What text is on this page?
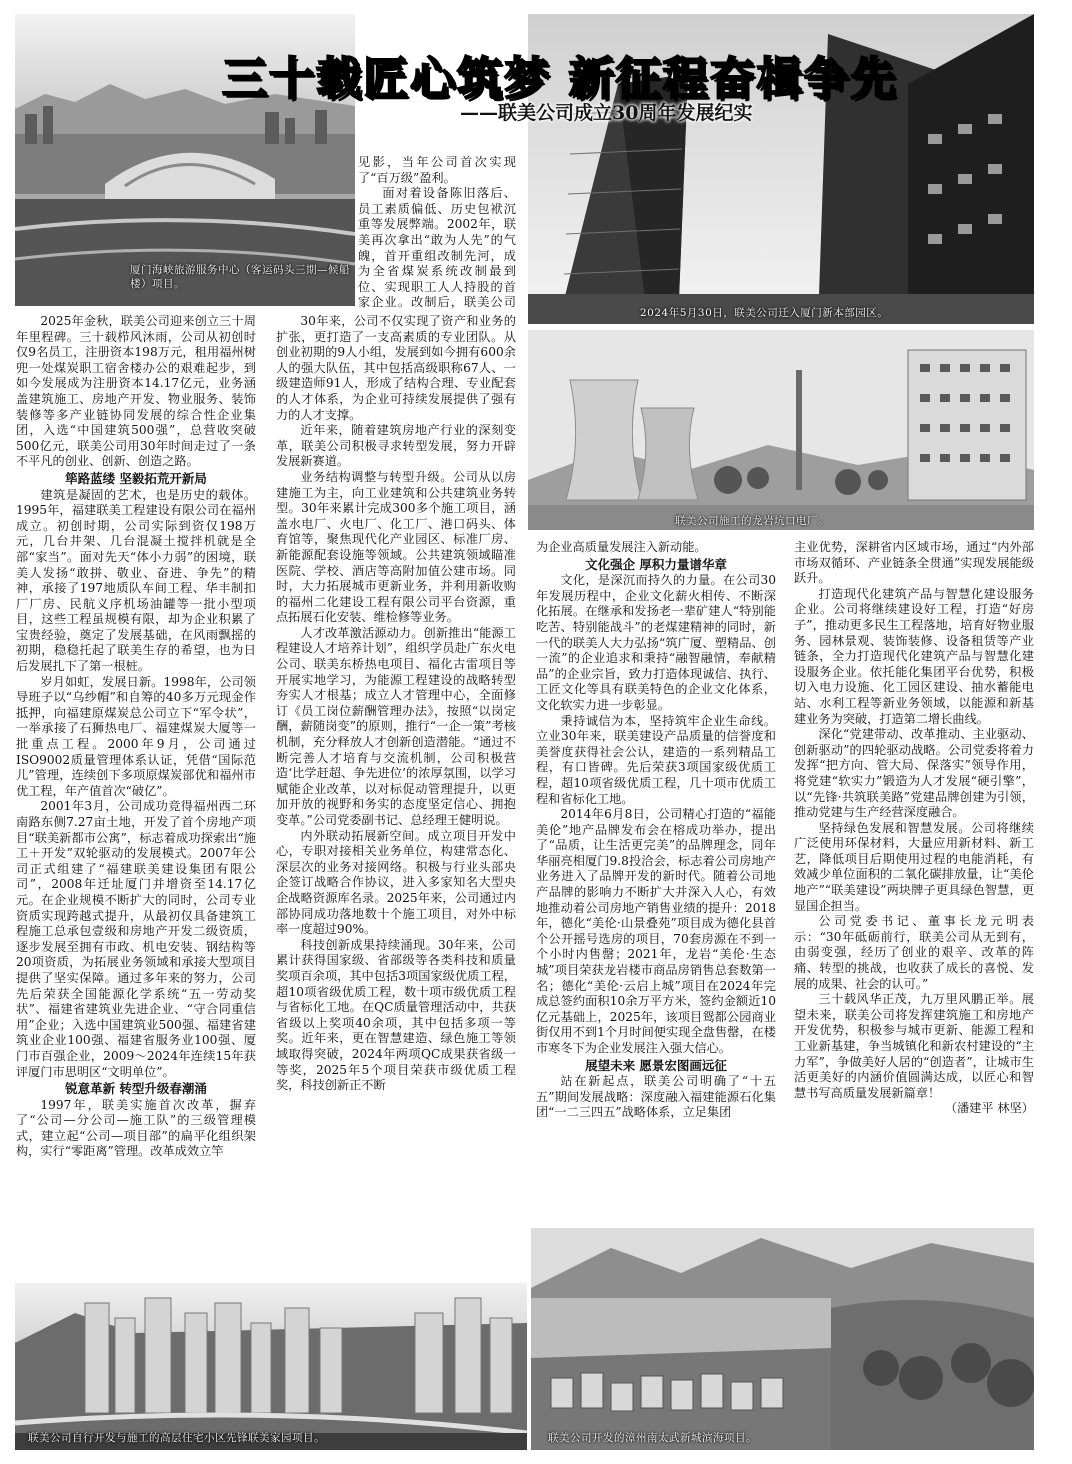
厦门海峡旅游服务中心（客运码头三期—候船楼）项目。
2024年5月30日，联美公司迁入厦门新本部园区。
联美公司施工的龙岩坑口电厂。
联美公司自行开发与施工的高层住宅小区先锋联美家园项目。	联美公司开发的漳州南太武新城滨海项目。
三十载匠心筑梦 新征程奋楫争先
——联美公司成立30周年发展纪实

2025年金秋，联美公司迎来创立三十周年里程碑。三十载栉风沐雨，公司从初创时仅9名员工，注册资本198万元，租用福州树兜一处煤炭职工宿舍楼办公的艰难起步，到如今发展成为注册资本14.17亿元，业务涵盖建筑施工、房地产开发、物业服务、装饰装修等多产业链协同发展的综合性企业集团，入选“中国建筑500强”，总营收突破500亿元，联美公司用30年时间走过了一条不平凡的创业、创新、创造之路。

筚路蓝缕 坚毅拓荒开新局

建筑是凝固的艺术，也是历史的载体。1995年，福建联美工程建设有限公司在福州成立。初创时期，公司实际到资仅198万元，几台井架、几台混凝土搅拌机就是全部“家当”。面对先天“体小力弱”的困境，联美人发扬“敢拼、敬业、奋进、争先”的精神，承接了197地质队车间工程、华丰制扣厂厂房、民航义序机场油罐等一批小型项目，这些工程虽规模有限，却为企业积累了宝贵经验，奠定了发展基础，在风雨飘摇的初期，稳稳托起了联美生存的希望，也为日后发展扎下了第一根桩。

岁月如虹，发展日新。1998年，公司领导班子以“乌纱帽”和自筹的40多万元现金作抵押，向福建原煤炭总公司立下“军令状”，一举承接了石狮热电厂、福建煤炭大厦等一批重点工程。2000年9月，公司通过ISO9002质量管理体系认证，凭借“国际范儿”管理，连续创下多项原煤炭部优和福州市优工程，年产值首次“破亿”。

2001年3月，公司成功竞得福州西二环南路东侧7.27亩土地，开发了首个房地产项目“联美新都市公寓”，标志着成功探索出“施工＋开发”双轮驱动的发展模式。2007年公司正式组建了“福建联美建设集团有限公司”，2008年迁址厦门并增资至14.17亿元。在企业规模不断扩大的同时，公司专业资质实现跨越式提升，从最初仅具备建筑工程施工总承包壹级和房地产开发二级资质，逐步发展至拥有市政、机电安装、钢结构等20项资质，为拓展业务领域和承接大型项目提供了坚实保障。通过多年来的努力，公司先后荣获全国能源化学系统“五一劳动奖状”、福建省建筑业先进企业、“守合同重信用”企业；入选中国建筑业500强、福建省建筑业企业100强、福建省服务业100强、厦门市百强企业，2009～2024年连续15年获评厦门市思明区“文明单位”。

锐意革新 转型升级春潮涌

1997年，联美实施首次改革，摒弃了“公司—分公司—施工队”的三级管理模式，建立起“公司—项目部”的扁平化组织架构，实行“零距离”管理。改革成效立竿

见影，当年公司首次实现了“百万级”盈利。

面对着设备陈旧落后、员工素质偏低、历史包袱沉重等发展弊端。2002年，联美再次拿出“敢为人先”的气魄，首开重组改制先河，成为全省煤炭系统改制最到位、实现职工人人持股的首家企业。改制后，联美公司

30年来，公司不仅实现了资产和业务的扩张，更打造了一支高素质的专业团队。从创业初期的9人小组，发展到如今拥有600余人的强大队伍，其中包括高级职称67人、一级建造师91人，形成了结构合理、专业配套的人才体系，为企业可持续发展提供了强有力的人才支撑。

近年来，随着建筑房地产行业的深刻变革，联美公司积极寻求转型发展，努力开辟发展新赛道。

业务结构调整与转型升级。公司从以房建施工为主，向工业建筑和公共建筑业务转型。30年来累计完成300多个施工项目，涵盖水电厂、火电厂、化工厂、港口码头、体育馆等，聚焦现代化产业园区、标准厂房、新能源配套设施等领域。公共建筑领域瞄准医院、学校、酒店等高附加值公建市场。同时，大力拓展城市更新业务，并利用新收购的福州二化建设工程有限公司平台资源，重点拓展石化安装、维检修等业务。

人才改革激活源动力。创新推出“能源工程建设人才培养计划”，组织学员赴广东火电公司、联美东桥热电项目、福化古雷项目等开展实地学习，为能源工程建设的战略转型夯实人才根基；成立人才管理中心，全面修订《员工岗位薪酬管理办法》，按照“以岗定酬，薪随岗变”的原则，推行“一企一策”考核机制，充分释放人才创新创造潜能。“通过不断完善人才培育与交流机制，公司积极营造‘比学赶超、争先进位’的浓厚氛围，以学习赋能企业改革，以对标促动管理提升，以更加开放的视野和务实的态度坚定信心、拥抱变革。”公司党委副书记、总经理王健明说。

内外联动拓展新空间。成立项目开发中心，专职对接相关业务单位，构建常态化、深层次的业务对接网络。积极与行业头部央企签订战略合作协议，进入多家知名大型央企战略资源库名录。2025年来，公司通过内部协同成功落地数十个施工项目，对外中标率一度超过90%。

科技创新成果持续涌现。30年来，公司累计获得国家级、省部级等各类科技和质量奖项百余项，其中包括3项国家级优质工程，超10项省级优质工程，数十项市级优质工程与省标化工地。在QC质量管理活动中，共获省级以上奖项40余项，其中包括多项一等奖。近年来，更在智慧建造、绿色施工等领域取得突破，2024年两项QC成果获省级一等奖，2025年5个项目荣获市级优质工程奖，科技创新正不断

为企业高质量发展注入新动能。

文化强企 厚积力量谱华章

文化，是深沉而持久的力量。在公司30年发展历程中，企业文化薪火相传、不断深化拓展。在继承和发扬老一辈矿建人“特别能吃苦、特别能战斗”的老煤建精神的同时，新一代的联美人大力弘扬“筑广厦、塑精品、创一流”的企业追求和秉持“融智融情，奉献精品”的企业宗旨，致力打造体现诚信、执行、工匠文化等具有联美特色的企业文化体系，文化软实力进一步彰显。

秉持诚信为本，坚持筑牢企业生命线。立业30年来，联美建设产品质量的信誉度和美誉度获得社会公认，建造的一系列精品工程，有口皆碑。先后荣获3项国家级优质工程，超10项省级优质工程，几十项市优质工程和省标化工地。

2014年6月8日，公司精心打造的“福能美伦”地产品牌发布会在榕成功举办，提出了“品质，让生活更完美”的品牌理念，同年华丽亮相厦门9.8投洽会，标志着公司房地产业务进入了品牌开发的新时代。随着公司地产品牌的影响力不断扩大并深入人心，有效地推动着公司房地产销售业绩的提升：2018年，德化“美伦·山景叠苑”项目成为德化县首个公开摇号选房的项目，70套房源在不到一个小时内售罄；2021年，龙岩“美伦·生态城”项目荣获龙岩楼市商品房销售总套数第一名；德化“美伦·云启上城”项目在2024年完成总签约面积10余万平方米，签约金额近10亿元基础上，2025年，该项目鸳都公园商业街仅用不到1个月时间便实现全盘售罄，在楼市寒冬下为企业发展注入强大信心。

展望未来 愿景宏图画远征

站在新起点，联美公司明确了“十五五”期间发展战略：深度融入福建能源石化集团“一二三四五”战略体系，立足集团

主业优势，深耕省内区域市场，通过“内外部市场双循环、产业链条全贯通”实现发展能级跃升。

打造现代化建筑产品与智慧化建设服务企业。公司将继续建设好工程，打造“好房子”，推动更多民生工程落地，培育好物业服务、园林景观、装饰装修、设备租赁等产业链条，全力打造现代化建筑产品与智慧化建设服务企业。依托能化集团平台优势，积极切入电力设施、化工园区建设、抽水蓄能电站、水利工程等新业务领域，以能源和新基建业务为突破，打造第二增长曲线。

深化“党建带动、改革推动、主业驱动、创新驱动”的四轮驱动战略。公司党委将着力发挥“把方向、管大局、保落实”领导作用，将党建“软实力”锻造为人才发展“硬引擎”，以“先锋·共筑联美路”党建品牌创建为引领，推动党建与生产经营深度融合。

坚持绿色发展和智慧发展。公司将继续广泛使用环保材料，大量应用新材料、新工艺，降低项目后期使用过程的电能消耗，有效减少单位面积的二氧化碳排放量，让“美伦地产”“联美建设”两块牌子更具绿色智慧，更显国企担当。

公司党委书记、董事长龙元明表示：“30年砥砺前行，联美公司从无到有，由弱变强，经历了创业的艰辛、改革的阵痛、转型的挑战，也收获了成长的喜悦、发展的成果、社会的认可。”

三十载风华正茂，九万里风鹏正举。展望未来，联美公司将发挥建筑施工和房地产开发优势，积极参与城市更新、能源工程和工业新基建，争当城镇化和新农村建设的“主力军”，争做美好人居的“创造者”，让城市生活更美好的内涵价值圆满达成，以匠心和智慧书写高质量发展新篇章！

（潘建平 林坚）
